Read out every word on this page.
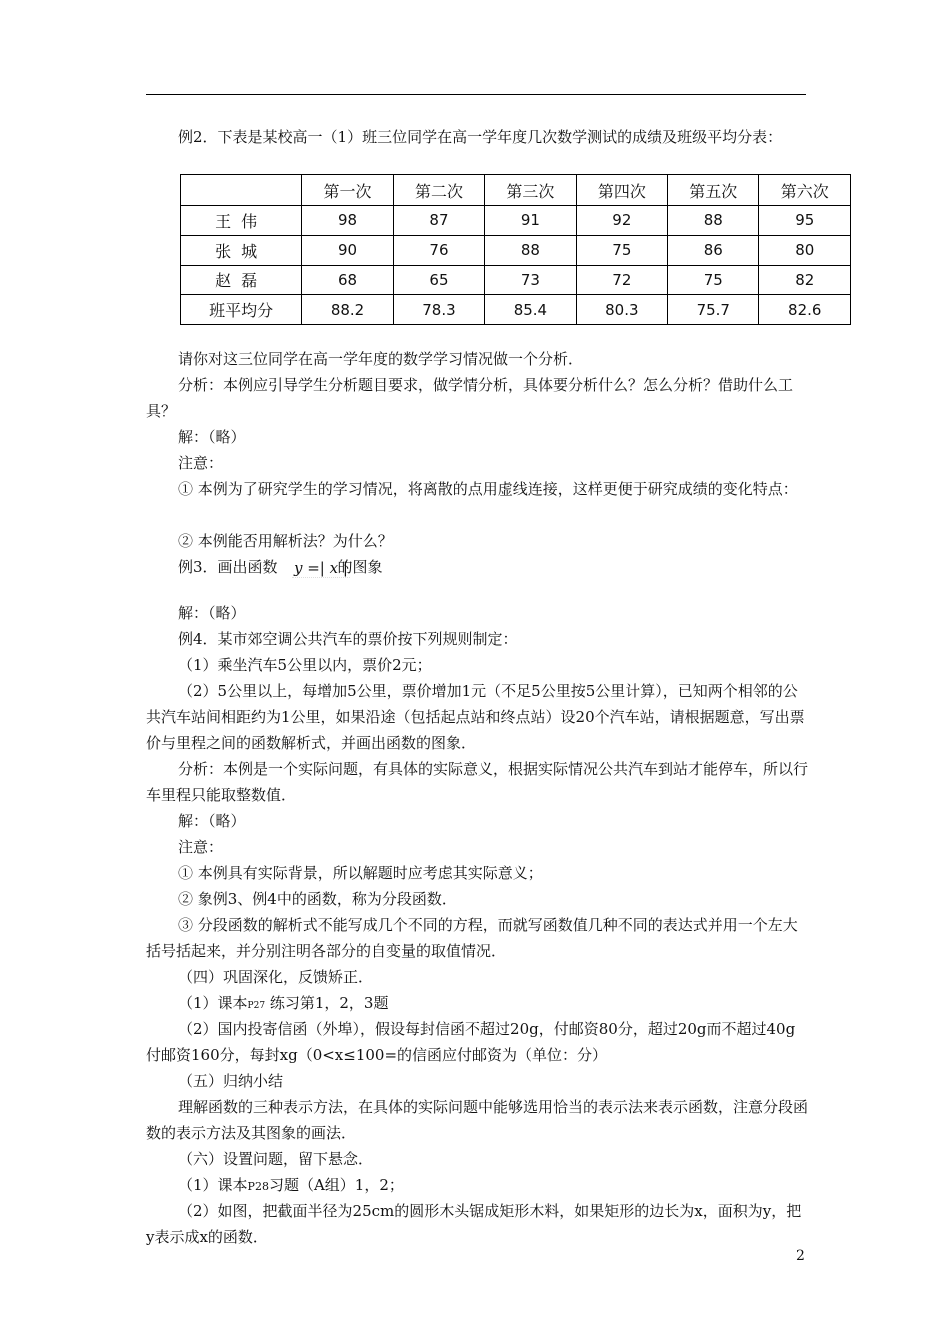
例2．下表是某校高一（1）班三位同学在高一学年度几次数学测试的成绩及班级平均分表：

	第一次	第二次	第三次	第四次	第五次	第六次
王伟	98	87	91	92	88	95
张城	90	76	88	75	86	80
赵磊	68	65	73	72	75	82
班平均分	88.2	78.3	85.4	80.3	75.7	82.6

请你对这三位同学在高一学年度的数学学习情况做一个分析．

分析：本例应引导学生分析题目要求，做学情分析，具体要分析什么？怎么分析？借助什么工具？

解：（略）

注意：

① 本例为了研究学生的学习情况，将离散的点用虚线连接，这样更便于研究成绩的变化特点：

② 本例能否用解析法？为什么？

例3．画出函数	的图象

y =| x |

解：（略）

例4．某市郊空调公共汽车的票价按下列规则制定：

（1）乘坐汽车5公里以内，票价2元；

（2）5公里以上，每增加5公里，票价增加1元（不足5公里按5公里计算），已知两个相邻的公共汽车站间相距约为1公里，如果沿途（包括起点站和终点站）设20个汽车站，请根据题意，写出票价与里程之间的函数解析式，并画出函数的图象．

分析：本例是一个实际问题，有具体的实际意义，根据实际情况公共汽车到站才能停车，所以行车里程只能取整数值．

解：（略）

注意：

① 本例具有实际背景，所以解题时应考虑其实际意义；

② 象例3、例4中的函数，称为分段函数．

③ 分段函数的解析式不能写成几个不同的方程，而就写函数值几种不同的表达式并用一个左大括号括起来，并分别注明各部分的自变量的取值情况．

（四）巩固深化，反馈矫正．

（1）课本P27 练习第1，2，3题

（2）国内投寄信函（外埠），假设每封信函不超过20g，付邮资80分，超过20g而不超过40g付邮资160分，每封xg（0<x≤100=的信函应付邮资为（单位：分）

（五）归纳小结

理解函数的三种表示方法，在具体的实际问题中能够选用恰当的表示法来表示函数，注意分段函数的表示方法及其图象的画法．

（六）设置问题，留下悬念．

（1）课本P28习题（A组）1，2；

（2）如图，把截面半径为25cm的圆形木头锯成矩形木料，如果矩形的边长为x，面积为y，把y表示成x的函数．

2
